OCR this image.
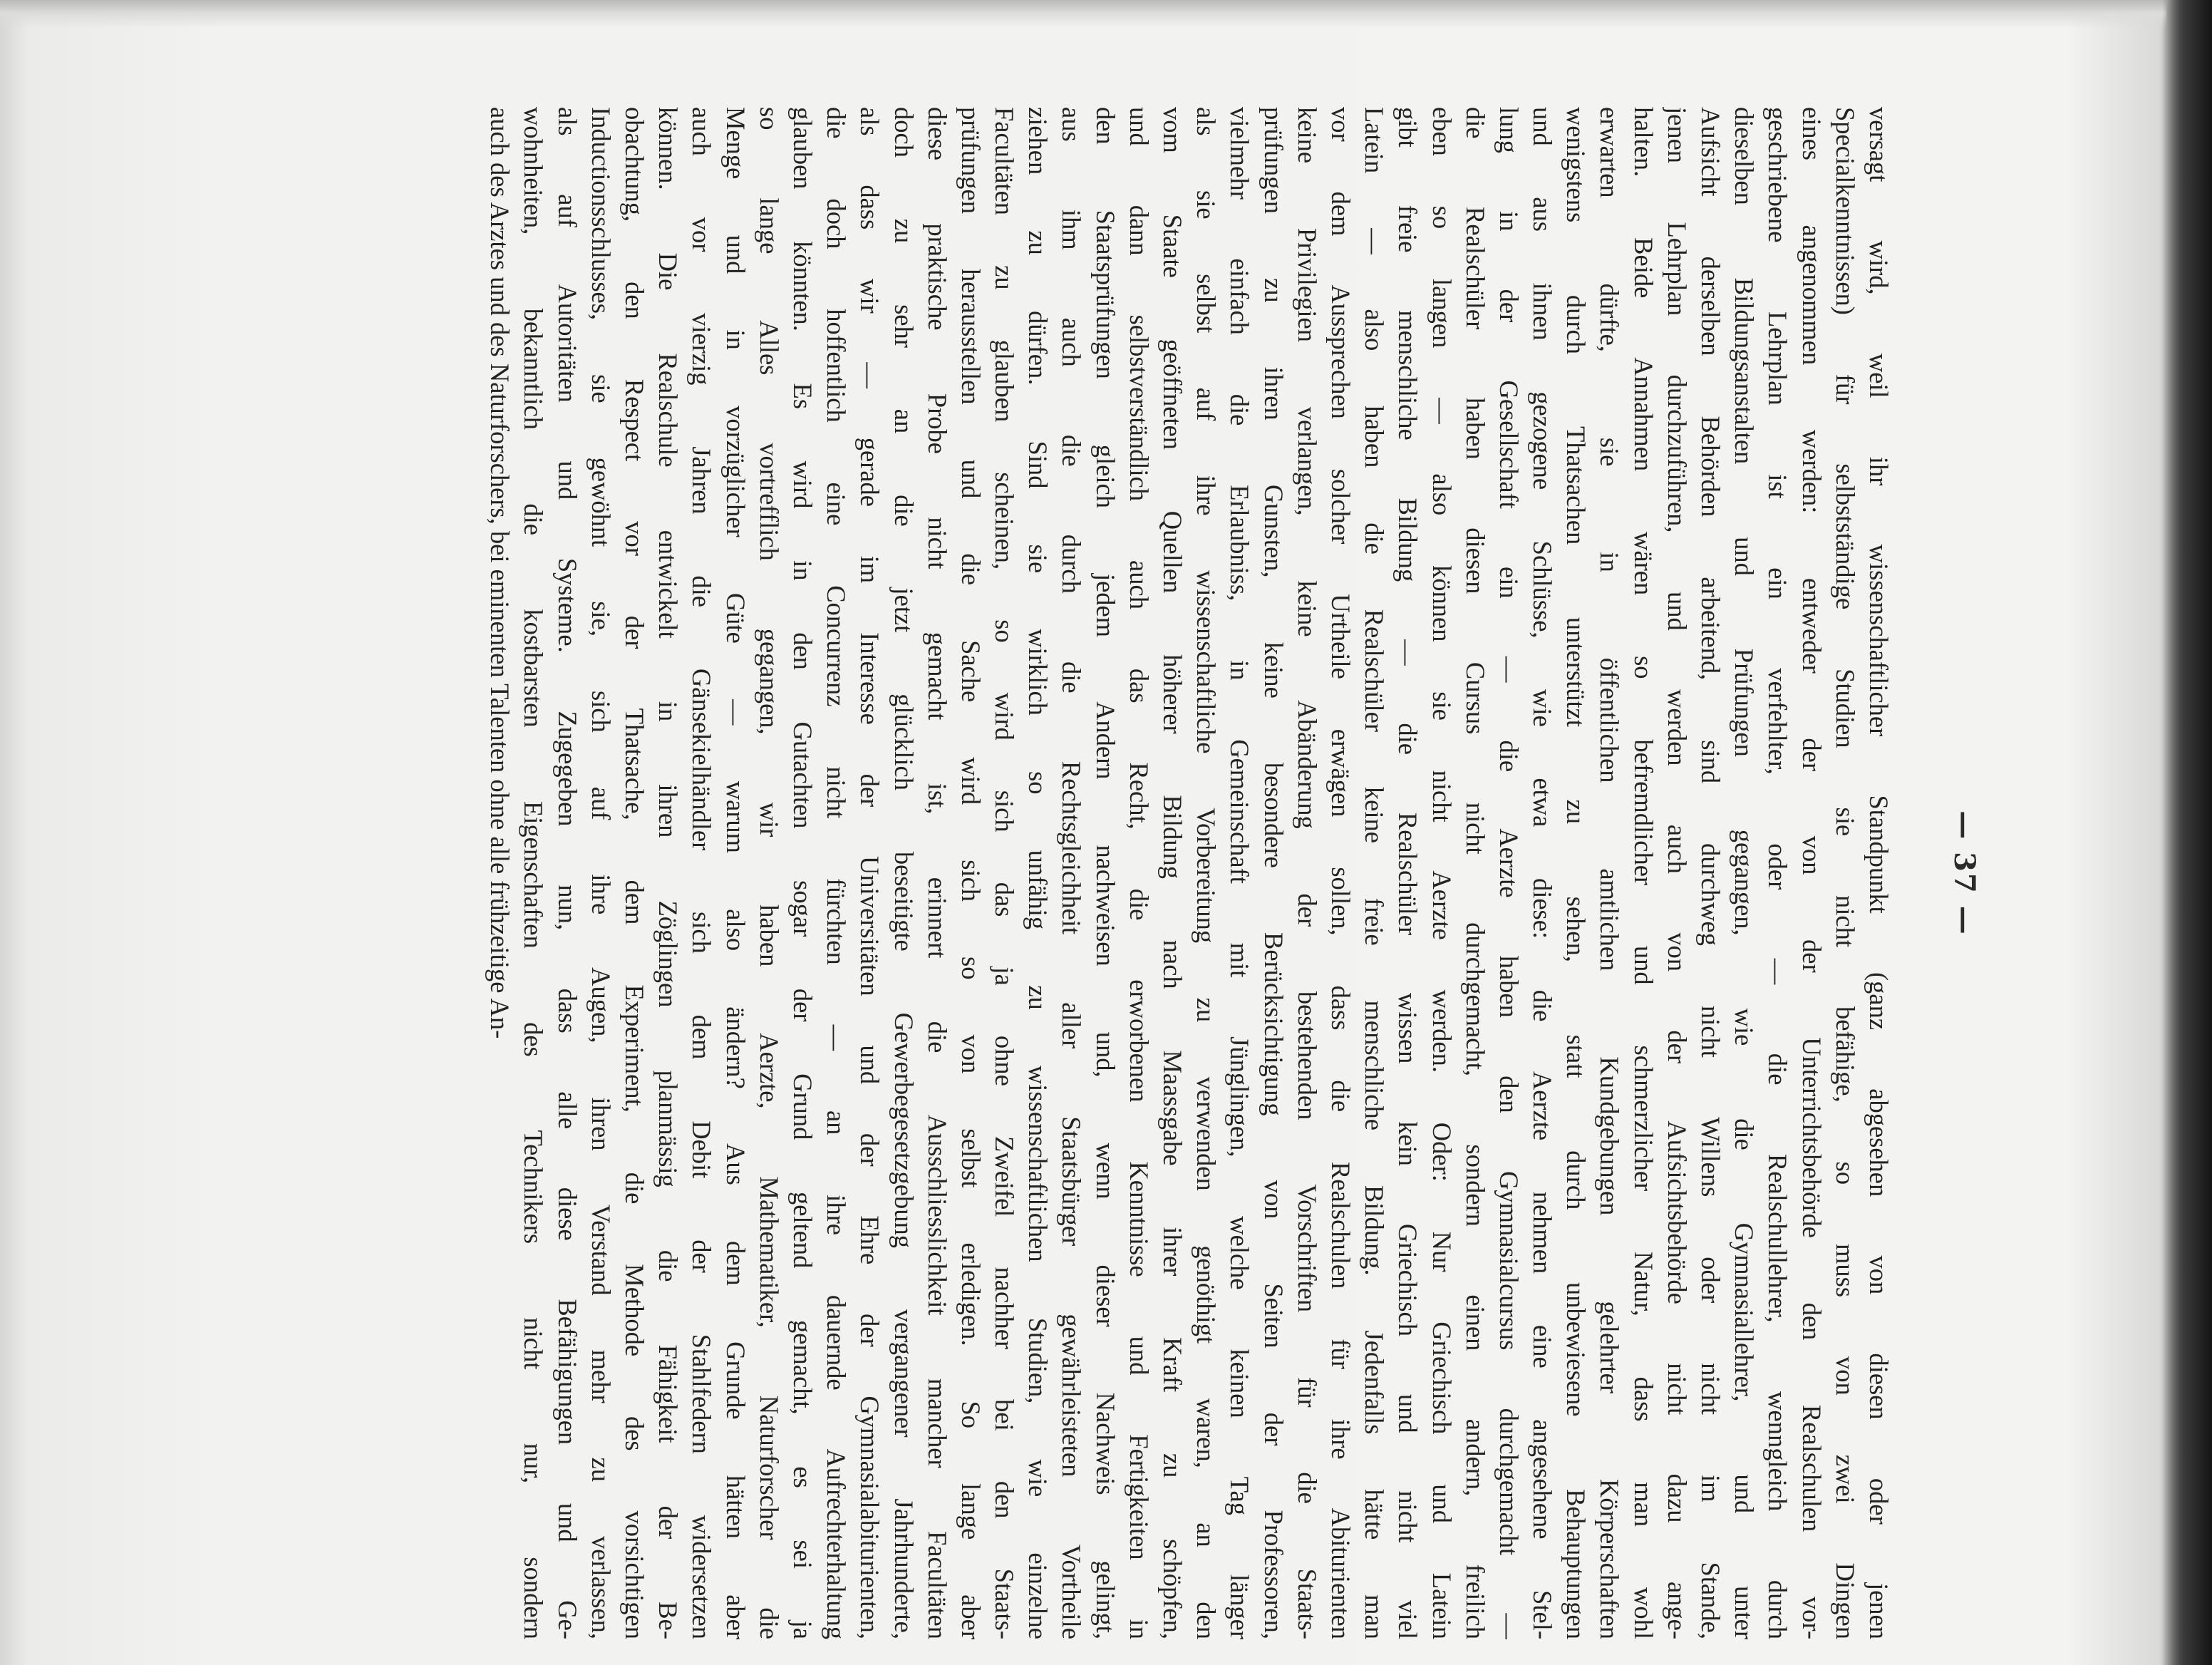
— 37 —
versagt wird, weil ihr wissenschaftlicher Standpunkt (ganz abgesehen von diesen oder jenen
Specialkenntnissen) für selbstständige Studien sie nicht befähige, so muss von zwei Dingen
eines angenommen werden: entweder der von der Unterrichtsbehörde den Realschulen vor-
geschriebene Lehrplan ist ein verfehlter, oder — die Realschullehrer, wenngleich durch
dieselben Bildungsanstalten und Prüfungen gegangen, wie die Gymnasiallehrer, und unter
Aufsicht derselben Behörden arbeitend, sind durchweg nicht Willens oder nicht im Stande,
jenen Lehrplan durchzuführen, und werden auch von der Aufsichtsbehörde nicht dazu ange-
halten. Beide Annahmen wären so befremdlicher und schmerzlicher Natur, dass man wohl
erwarten dürfte, sie in öffentlichen amtlichen Kundgebungen gelehrter Körperschaften
wenigstens durch Thatsachen unterstützt zu sehen, statt durch unbewiesene Behauptungen
und aus ihnen gezogene Schlüsse, wie etwa diese: die Aerzte nehmen eine angesehene Stel-
lung in der Gesellschaft ein — die Aerzte haben den Gymnasialcursus durchgemacht —
die Realschüler haben diesen Cursus nicht durchgemacht, sondern einen andern, freilich
eben so langen — also können sie nicht Aerzte werden. Oder: Nur Griechisch und Latein
gibt freie menschliche Bildung — die Realschüler wissen kein Griechisch und nicht viel
Latein — also haben die Realschüler keine freie menschliche Bildung. Jedenfalls hätte man
vor dem Aussprechen solcher Urtheile erwägen sollen, dass die Realschulen für ihre Abiturienten
keine Privilegien verlangen, keine Abänderung der bestehenden Vorschriften für die Staats-
prüfungen zu ihren Gunsten, keine besondere Berücksichtigung von Seiten der Professoren,
vielmehr einfach die Erlaubniss, in Gemeinschaft mit Jünglingen, welche keinen Tag länger
als sie selbst auf ihre wissenschaftliche Vorbereitung zu verwenden genöthigt waren, an den
vom Staate geöffneten Quellen höherer Bildung nach Maassgabe ihrer Kraft zu schöpfen,
und dann selbstverständlich auch das Recht, die erworbenen Kenntnisse und Fertigkeiten in
den Staatsprüfungen gleich jedem Andern nachweisen und, wenn dieser Nachweis gelingt,
aus ihm auch die durch die Rechtsgleichheit aller Staatsbürger gewährleisteten Vortheile
ziehen zu dürfen. Sind sie wirklich so unfähig zu wissenschaftlichen Studien, wie einzelne
Facultäten zu glauben scheinen, so wird sich das ja ohne Zweifel nachher bei den Staats-
prüfungen herausstellen und die Sache wird sich so von selbst erledigen. So lange aber
diese praktische Probe nicht gemacht ist, erinnert die Ausschliesslichkeit mancher Facultäten
doch zu sehr an die jetzt glücklich beseitigte Gewerbegesetzgebung vergangener Jahrhunderte,
als dass wir — gerade im Interesse der Universitäten und der Ehre der Gymnasialabiturienten,
die doch hoffentlich eine Concurrenz nicht fürchten — an ihre dauernde Aufrechterhaltung
glauben könnten. Es wird in den Gutachten sogar der Grund geltend gemacht, es sei ja
so lange Alles vortrefflich gegangen, wir haben Aerzte, Mathematiker, Naturforscher die
Menge und in vorzüglicher Güte — warum also ändern? Aus dem Grunde hätten aber
auch vor vierzig Jahren die Gänsekielhändler sich dem Debit der Stahlfedern widersetzen
können. Die Realschule entwickelt in ihren Zöglingen planmässig die Fähigkeit der Be-
obachtung, den Respect vor der Thatsache, dem Experiment, die Methode des vorsichtigen
Inductionsschlusses, sie gewöhnt sie, sich auf ihre Augen, ihren Verstand mehr zu verlassen,
als auf Autoritäten und Systeme. Zugegeben nun, dass alle diese Befähigungen und Ge-
wohnheiten, bekanntlich die kostbarsten Eigenschaften des Technikers nicht nur, sondern
auch des Arztes und des Naturforschers, bei eminenten Talenten ohne alle frühzeitige An-
